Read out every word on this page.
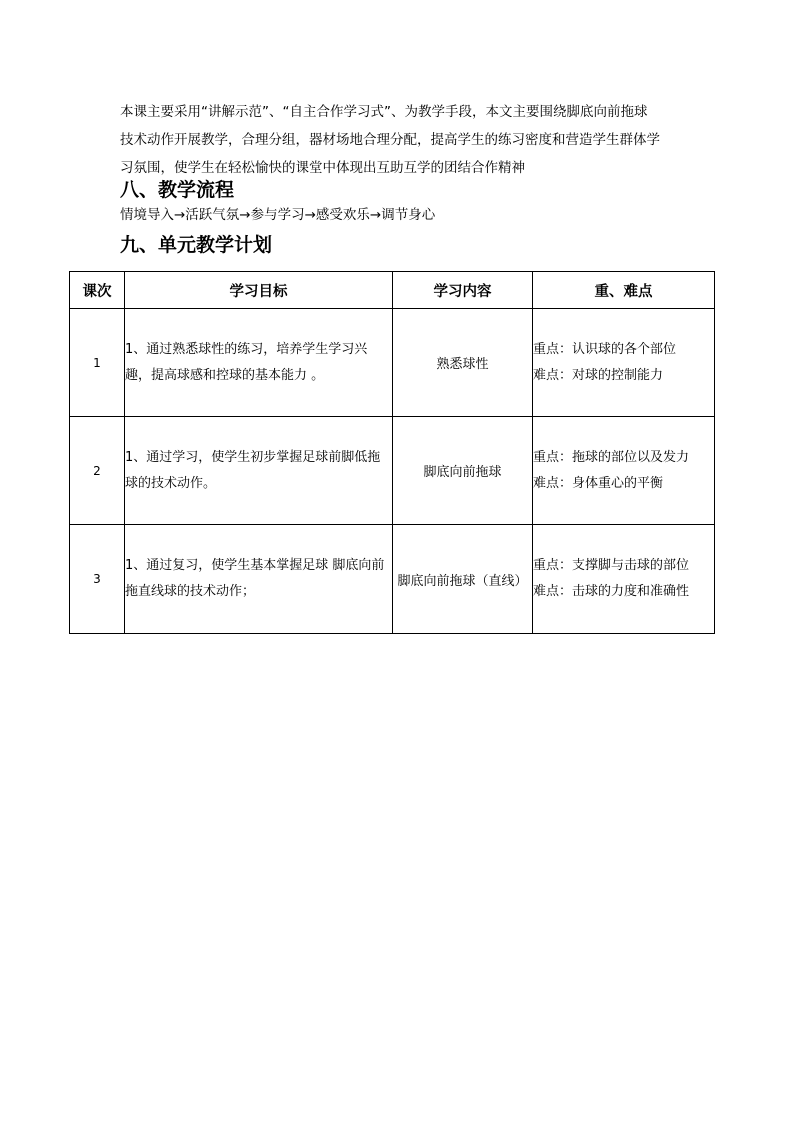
本课主要采用“讲解示范”、“自主合作学习式”、为教学手段，本文主要围绕脚底向前拖球

技术动作开展教学，合理分组，器材场地合理分配，提高学生的练习密度和营造学生群体学

习氛围，使学生在轻松愉快的课堂中体现出互助互学的团结合作精神

八、教学流程
情境导入→活跃气氛→参与学习→感受欢乐→调节身心
九、单元教学计划
课次	学习目标	学习内容	重、难点
1	1、通过熟悉球性的练习，培养学生学习兴趣，提高球感和控球的基本能力 。	熟悉球性	重点：认识球的各个部位
难点：对球的控制能力

2	1、通过学习，使学生初步掌握足球前脚低拖球的技术动作。	脚底向前拖球	重点：拖球的部位以及发力
难点：身体重心的平衡

3	1、通过复习，使学生基本掌握足球 脚底向前拖直线球的技术动作；	脚底向前拖球（直线）	重点：支撑脚与击球的部位
难点：击球的力度和准确性
